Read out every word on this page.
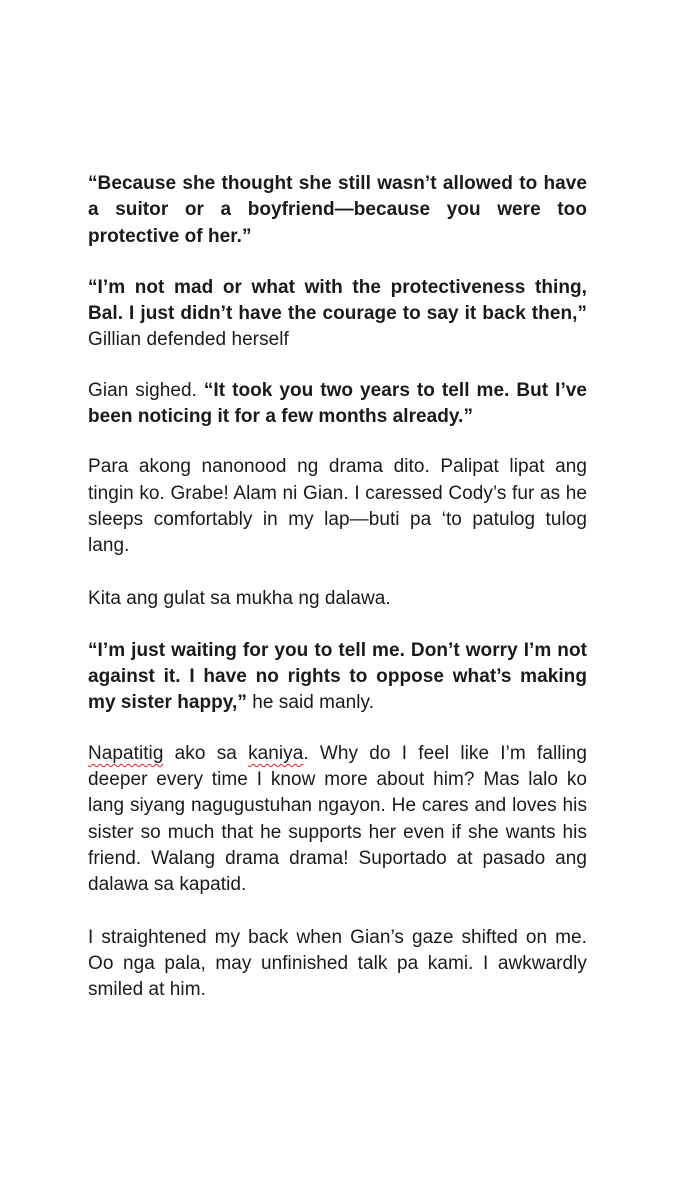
“Because she thought she still wasn’t allowed to have a suitor or a boyfriend—because you were too protective of her.”

“I’m not mad or what with the protectiveness thing, Bal. I just didn’t have the courage to say it back then,” Gillian defended herself

Gian sighed. “It took you two years to tell me. But I’ve been noticing it for a few months already.”

Para akong nanonood ng drama dito. Palipat lipat ang tingin ko. Grabe! Alam ni Gian. I caressed Cody’s fur as he sleeps comfortably in my lap—buti pa ‘to patulog tulog lang.

Kita ang gulat sa mukha ng dalawa.

“I’m just waiting for you to tell me. Don’t worry I’m not against it. I have no rights to oppose what’s making my sister happy,” he said manly.

Napatitig ako sa kaniya. Why do I feel like I’m falling deeper every time I know more about him? Mas lalo ko lang siyang nagugustuhan ngayon. He cares and loves his sister so much that he supports her even if she wants his friend. Walang drama drama! Suportado at pasado ang dalawa sa kapatid.

I straightened my back when Gian’s gaze shifted on me. Oo nga pala, may unfinished talk pa kami. I awkwardly smiled at him.
